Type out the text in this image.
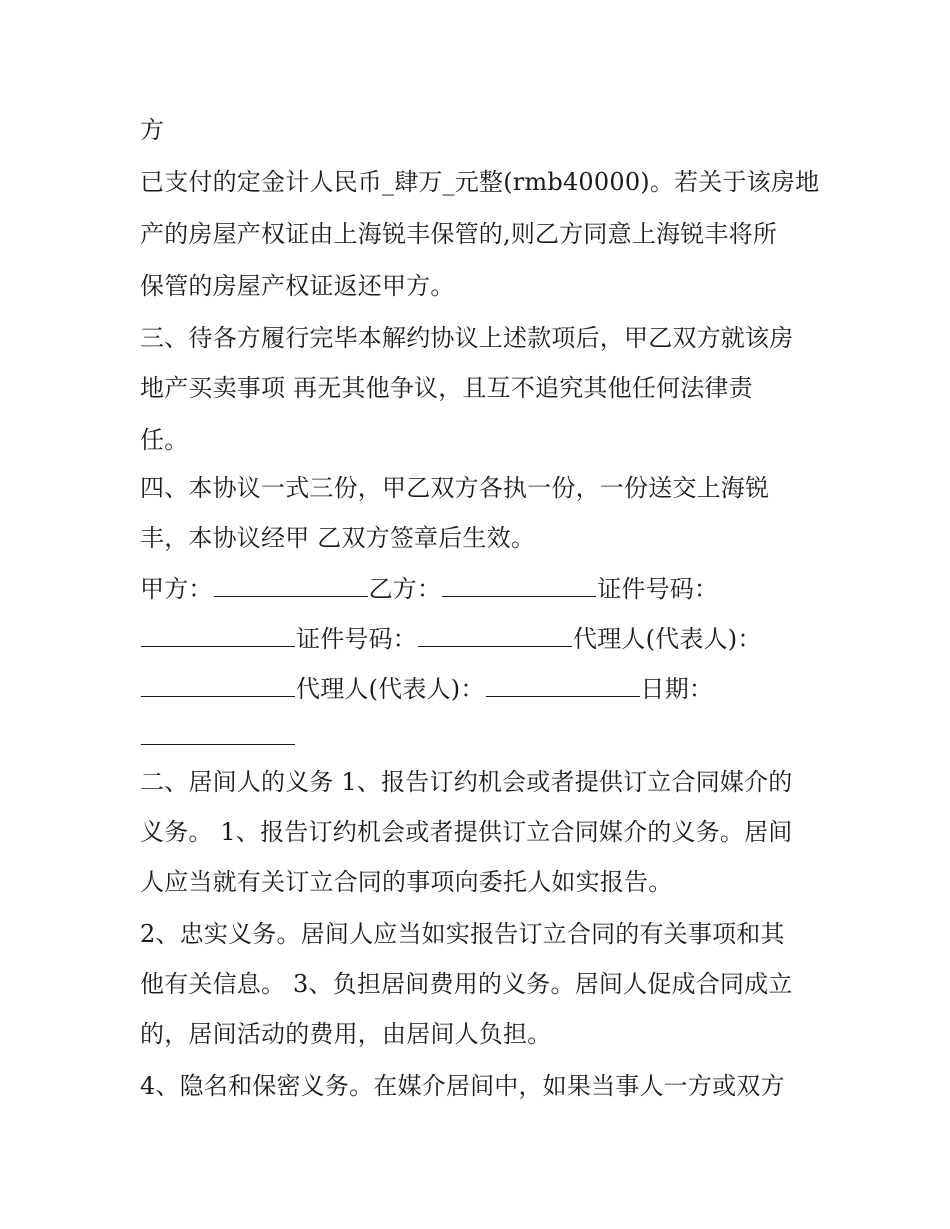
方
已支付的定金计人民币_肆万_元整(rmb40000)。若关于该房地
产的房屋产权证由上海锐丰保管的,则乙方同意上海锐丰将所
保管的房屋产权证返还甲方。
三、待各方履行完毕本解约协议上述款项后，甲乙双方就该房
地产买卖事项 再无其他争议，且互不追究其他任何法律责
任。
四、本协议一式三份，甲乙双方各执一份，一份送交上海锐
丰，本协议经甲 乙双方签章后生效。
甲方：	乙方：	证件号码：
证件号码：	代理人(代表人)：
代理人(代表人)：	日期：
二、居间人的义务 1、报告订约机会或者提供订立合同媒介的
义务。 1、报告订约机会或者提供订立合同媒介的义务。居间
人应当就有关订立合同的事项向委托人如实报告。
2、忠实义务。居间人应当如实报告订立合同的有关事项和其
他有关信息。 3、负担居间费用的义务。居间人促成合同成立
的，居间活动的费用，由居间人负担。
4、隐名和保密义务。在媒介居间中，如果当事人一方或双方
